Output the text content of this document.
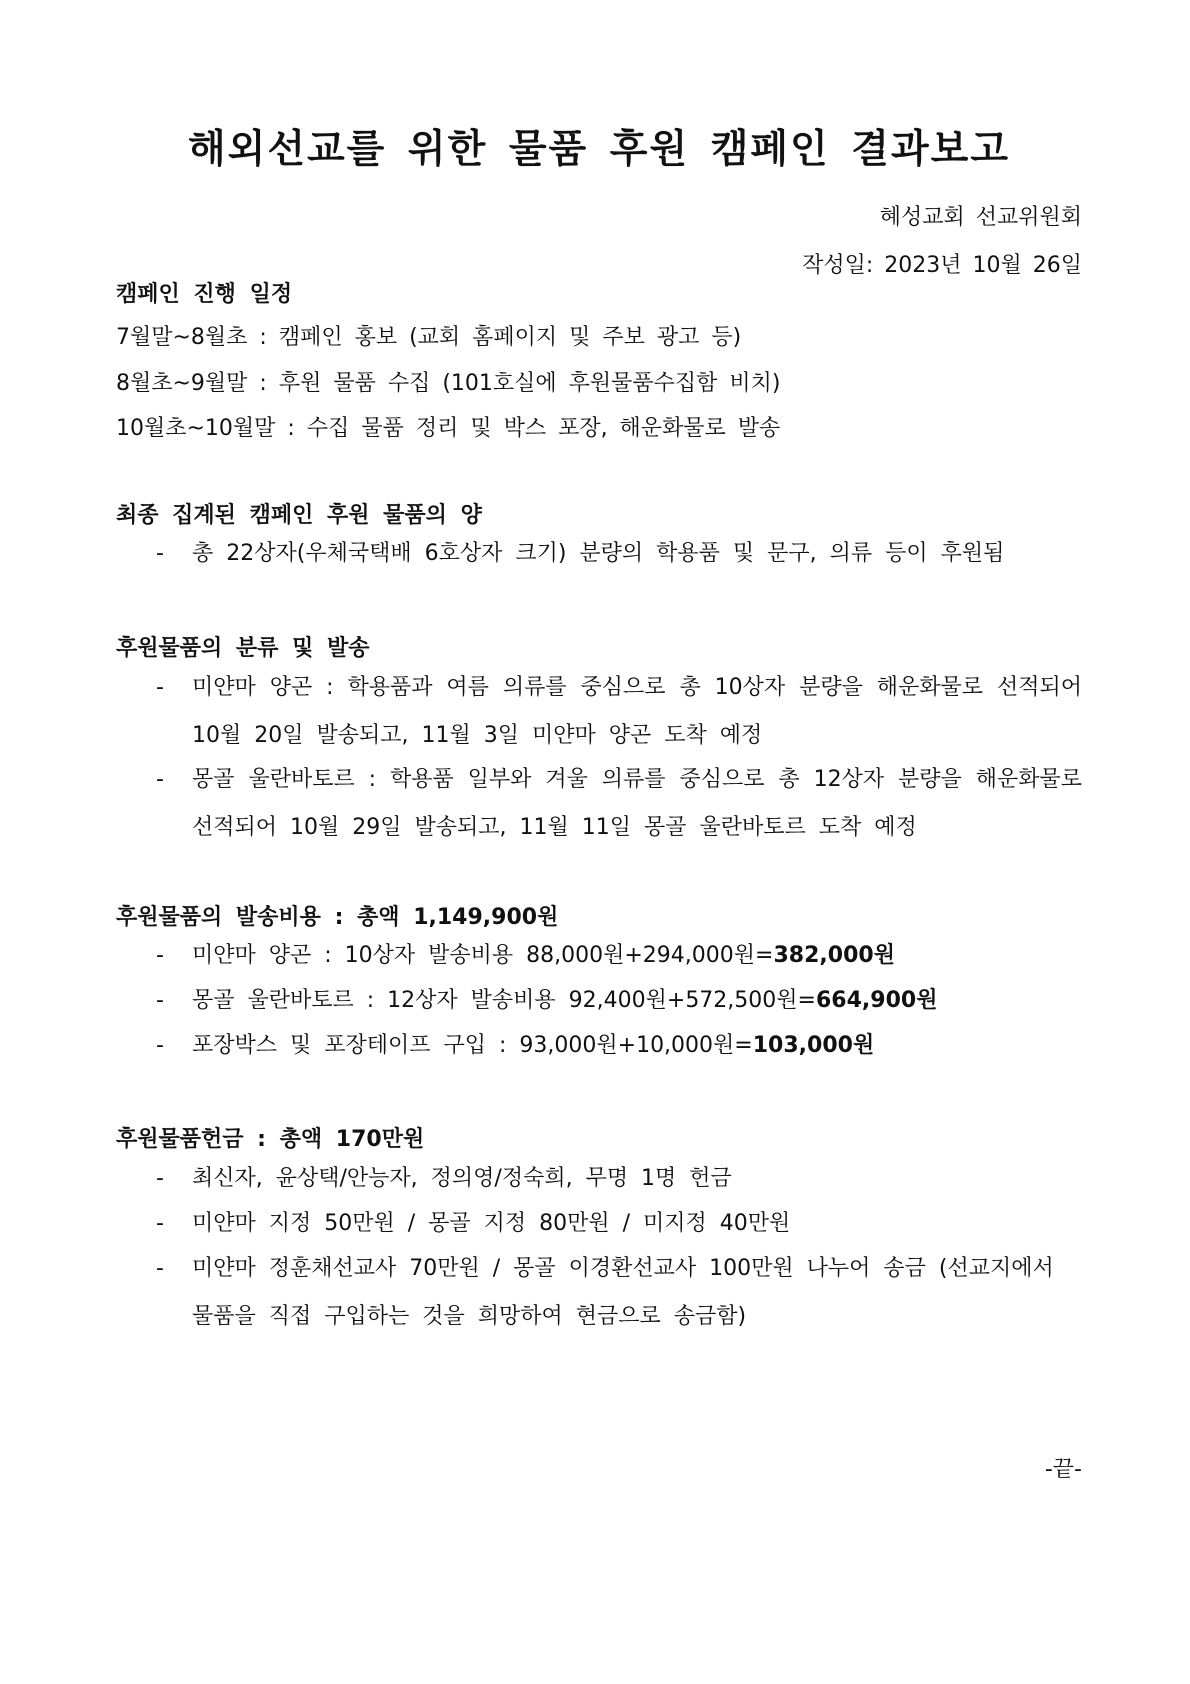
해외선교를 위한 물품 후원 캠페인 결과보고
혜성교회 선교위원회
작성일: 2023년 10월 26일
캠페인 진행 일정
7월말~8월초 : 캠페인 홍보 (교회 홈페이지 및 주보 광고 등)
8월초~9월말 : 후원 물품 수집 (101호실에 후원물품수집함 비치)
10월초~10월말 : 수집 물품 정리 및 박스 포장, 해운화물로 발송
최종 집계된 캠페인 후원 물품의 양
- 총 22상자(우체국택배 6호상자 크기) 분량의 학용품 및 문구, 의류 등이 후원됨
후원물품의 분류 및 발송
- 미얀마 양곤 : 학용품과 여름 의류를 중심으로 총 10상자 분량을 해운화물로 선적되어 10월 20일 발송되고, 11월 3일 미얀마 양곤 도착 예정
- 몽골 울란바토르 : 학용품 일부와 겨울 의류를 중심으로 총 12상자 분량을 해운화물로 선적되어 10월 29일 발송되고, 11월 11일 몽골 울란바토르 도착 예정
후원물품의 발송비용 : 총액 1,149,900원
- 미얀마 양곤 : 10상자 발송비용 88,000원+294,000원=382,000원
- 몽골 울란바토르 : 12상자 발송비용 92,400원+572,500원=664,900원
- 포장박스 및 포장테이프 구입 : 93,000원+10,000원=103,000원
후원물품헌금 : 총액 170만원
- 최신자, 윤상택/안능자, 정의영/정숙희, 무명 1명 헌금
- 미얀마 지정 50만원 / 몽골 지정 80만원 / 미지정 40만원
- 미얀마 정훈채선교사 70만원 / 몽골 이경환선교사 100만원 나누어 송금 (선교지에서 물품을 직접 구입하는 것을 희망하여 현금으로 송금함)
-끝-
